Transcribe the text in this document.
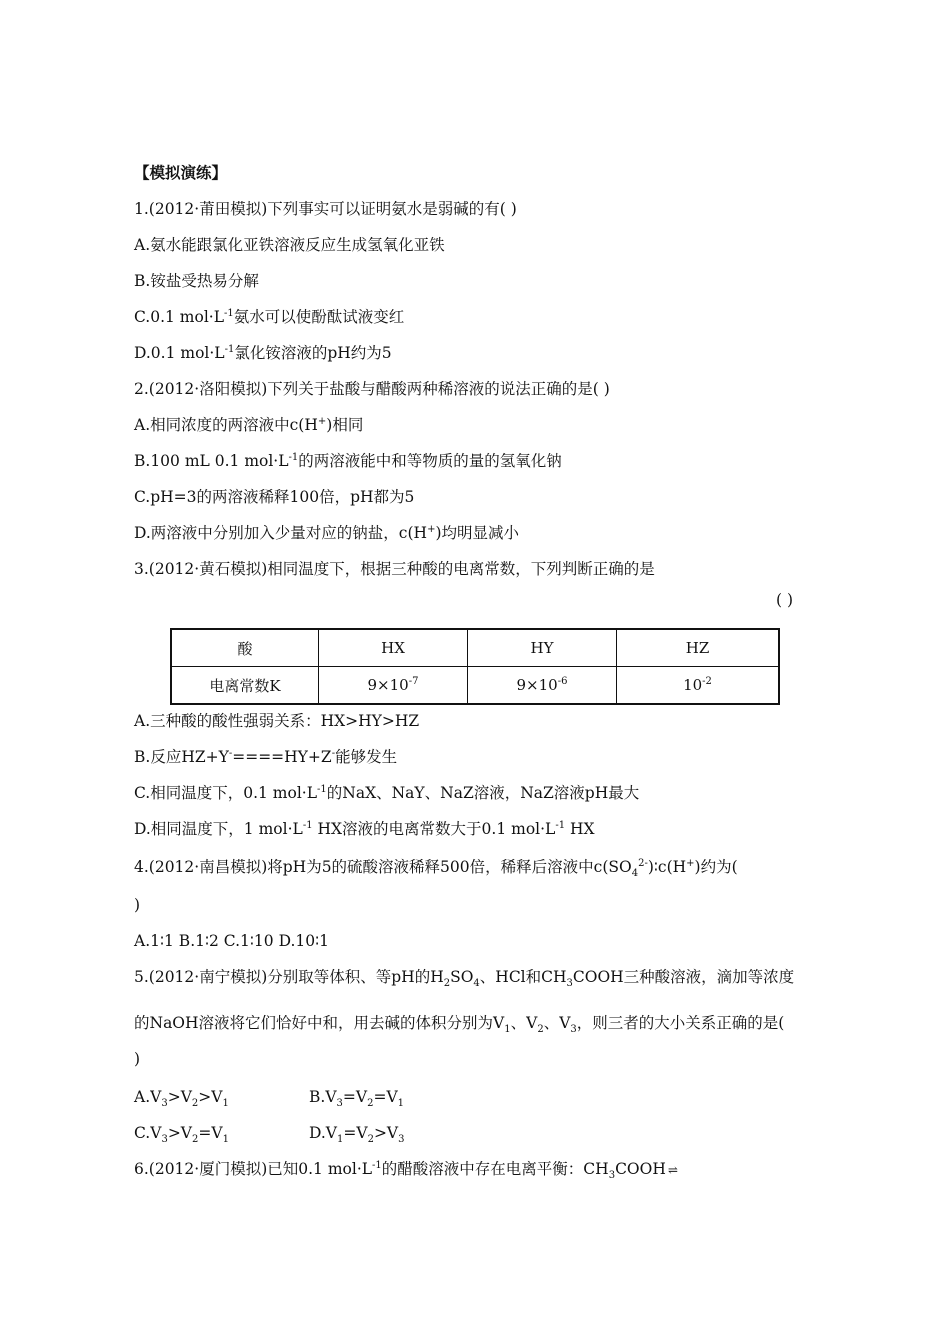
【模拟演练】
1.(2012·莆田模拟)下列事实可以证明氨水是弱碱的有( )
A.氨水能跟氯化亚铁溶液反应生成氢氧化亚铁
B.铵盐受热易分解
C.0.1 $mol\cdot L^{-1}$氨水可以使酚酞试液变红
D.0.1 $mol\cdot L^{-1}$氯化铵溶液的pH约为5
2.(2012·洛阳模拟)下列关于盐酸与醋酸两种稀溶液的说法正确的是( )
A.相同浓度的两溶液中c(H+)相同
B.100 mL 0.1 $mol\cdot L^{-1}$的两溶液能中和等物质的量的氢氧化钠
C.pH=3的两溶液稀释100倍，pH都为5
D.两溶液中分别加入少量对应的钠盐，c(H+)均明显减小
3.(2012·黄石模拟)相同温度下，根据三种酸的电离常数，下列判断正确的是
( )
酸	HX	HY	HZ
电离常数K	$9\times 10^{-7}$	$9\times 10^{-6}$	$10^{-2}$
A.三种酸的酸性强弱关系：HX>HY>HZ
B.反应HZ+Y-====HY+Z-能够发生
C.相同温度下，0.1 $mol\cdot L^{-1}$的NaX、NaY、NaZ溶液，NaZ溶液pH最大
D.相同温度下，1 $mol\cdot L^{-1}$ HX溶液的电离常数大于0.1 $mol\cdot L^{-1}$ HX
4.(2012·南昌模拟)将pH为5的硫酸溶液稀释500倍，稀释后溶液中$c(SO_4^{2-})∶c(H^+)$约为(
)
A.1∶1 B.1∶2 C.1∶10 D.10∶1
5.(2012·南宁模拟)分别取等体积、等pH的$H_2SO_4$、HCl和$CH_3COOH$三种酸溶液，滴加等浓度
的NaOH溶液将它们恰好中和，用去碱的体积分别为$V_1$、$V_2$、$V_3$，则三者的大小关系正确的是(
)
$A.V_3>V_2>V_1$	$B.V_3=V_2=V_1$
$C.V_3>V_2=V_1$	$D.V_1=V_2>V_3$
6.(2012·厦门模拟)已知0.1 $mol\cdot L^{-1}$的醋酸溶液中存在电离平衡：$CH_3COOH$ ⇌
